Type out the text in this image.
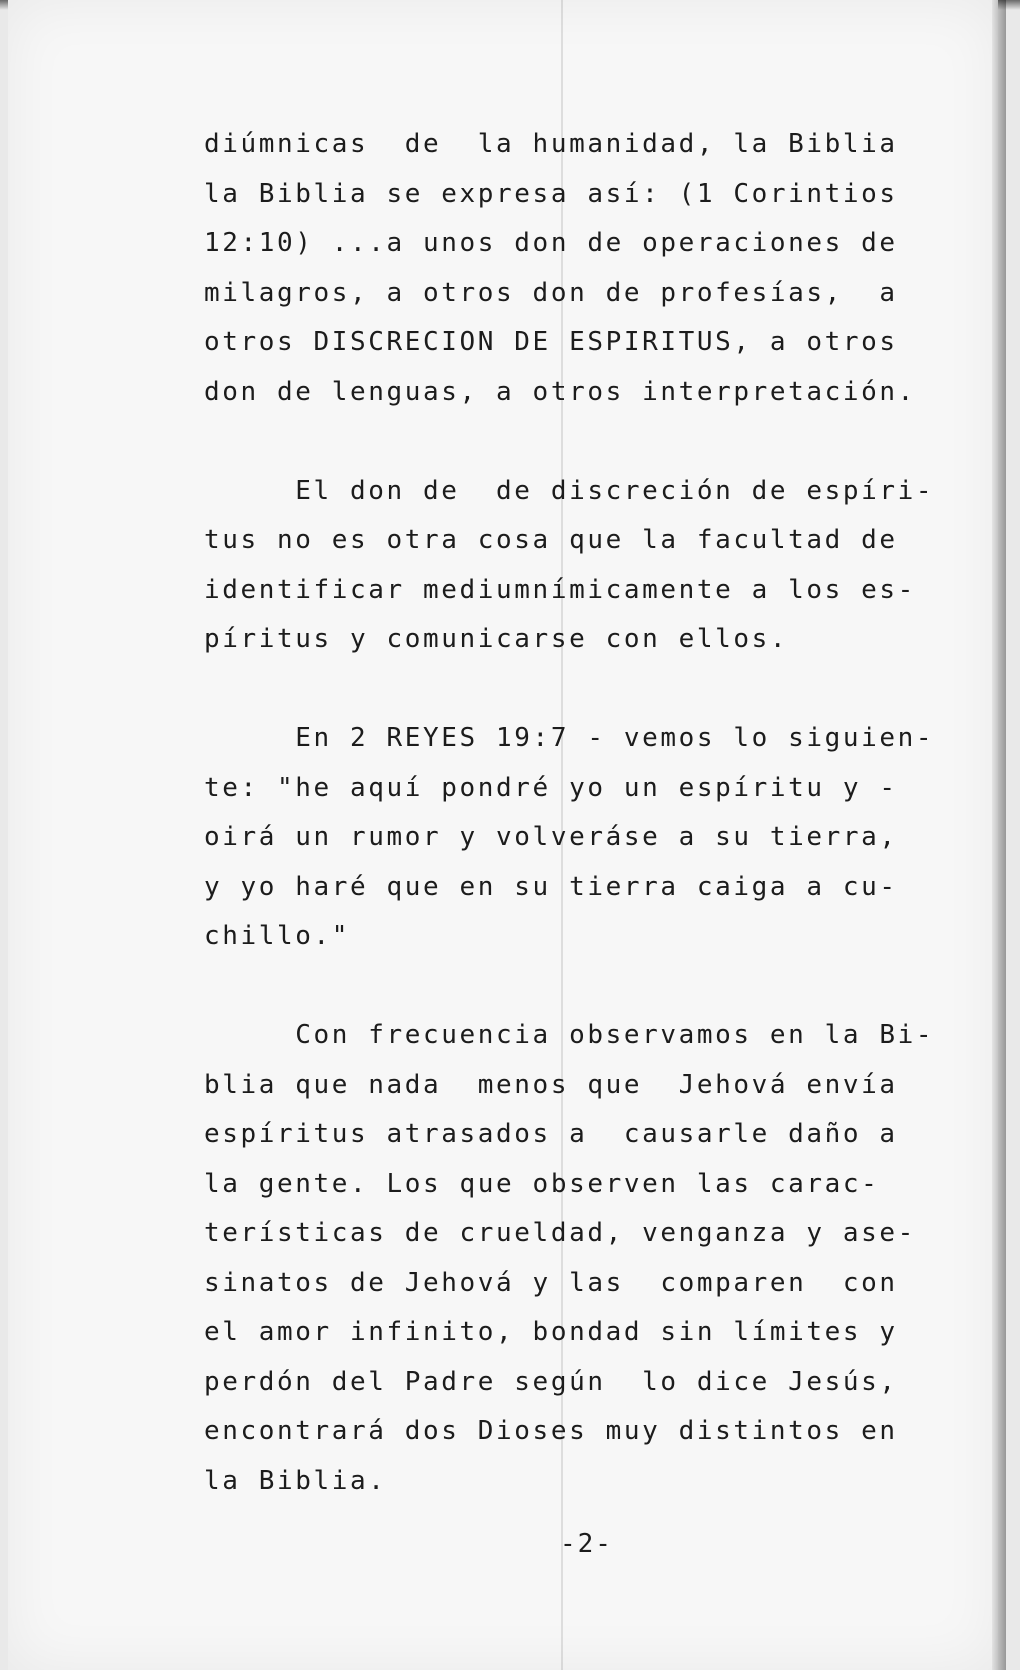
diúmnicas  de  la humanidad, la Biblia
la Biblia se expresa así: (1 Corintios
12:10) ...a unos don de operaciones de
milagros, a otros don de profesías,  a
otros DISCRECION DE ESPIRITUS, a otros
don de lenguas, a otros interpretación.
El don de  de discreción de espíri-
tus no es otra cosa que la facultad de
identificar mediumnímicamente a los es-
píritus y comunicarse con ellos.
En 2 REYES 19:7 - vemos lo siguien-
te: "he aquí pondré yo un espíritu y -
oirá un rumor y volveráse a su tierra,
y yo haré que en su tierra caiga a cu-
chillo."
Con frecuencia observamos en la Bi-
blia que nada  menos que  Jehová envía
espíritus atrasados a  causarle daño a
la gente. Los que observen las carac-
terísticas de crueldad, venganza y ase-
sinatos de Jehová y las  comparen  con
el amor infinito, bondad sin límites y
perdón del Padre según  lo dice Jesús,
encontrará dos Dioses muy distintos en
la Biblia.
-2-
